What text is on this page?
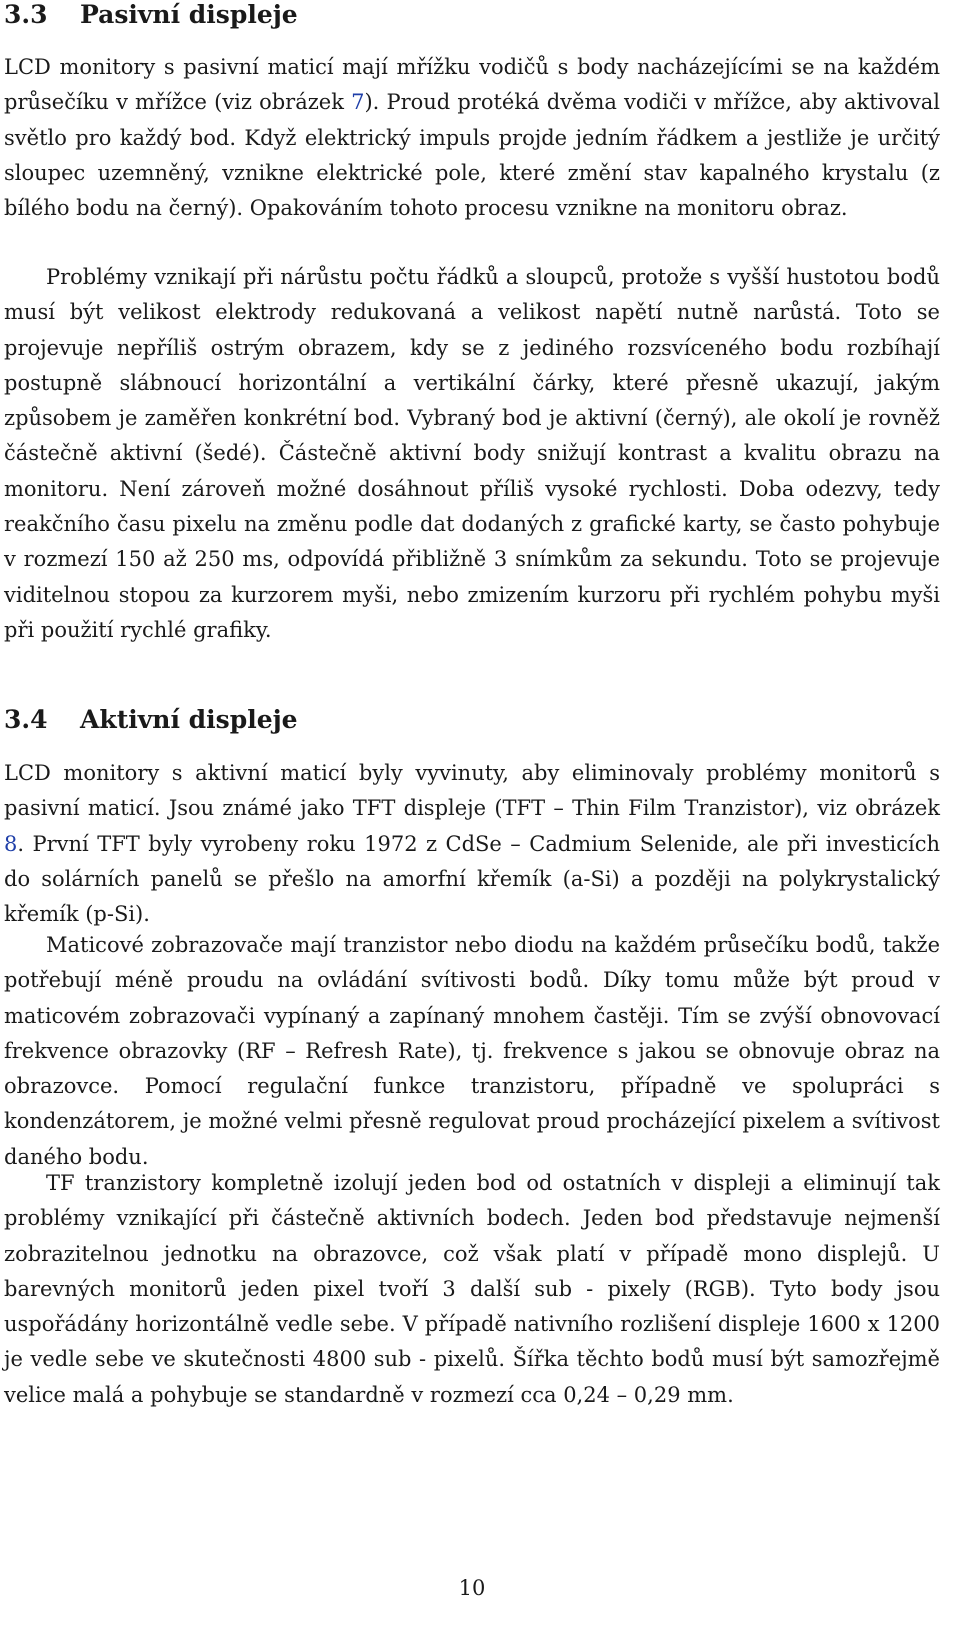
3.3 Pasivní displeje

LCD monitory s pasivní maticí mají mřížku vodičů s body nacházejícími se na každém průsečíku v mřížce (viz obrázek 7). Proud protéká dvěma vodiči v mřížce, aby aktivoval světlo pro každý bod. Když elektrický impuls projde jedním řádkem a jestliže je určitý sloupec uzemněný, vznikne elektrické pole, které změní stav kapalného krystalu (z bílého bodu na černý). Opakováním tohoto procesu vznikne na monitoru obraz.

Problémy vznikají při nárůstu počtu řádků a sloupců, protože s vyšší hustotou bodů musí být velikost elektrody redukovaná a velikost napětí nutně narůstá. Toto se projevuje nepříliš ostrým obrazem, kdy se z jediného rozsvíceného bodu rozbíhají postupně slábnoucí horizontální a vertikální čárky, které přesně ukazují, jakým způsobem je zaměřen konkrétní bod. Vybraný bod je aktivní (černý), ale okolí je rovněž částečně aktivní (šedé). Částečně aktivní body snižují kontrast a kvalitu obrazu na monitoru. Není zároveň možné dosáhnout příliš vysoké rychlosti. Doba odezvy, tedy reakčního času pixelu na změnu podle dat dodaných z grafické karty, se často pohybuje v rozmezí 150 až 250 ms, odpovídá přibližně 3 snímkům za sekundu. Toto se projevuje viditelnou stopou za kurzorem myši, nebo zmizením kurzoru při rychlém pohybu myši při použití rychlé grafiky.

3.4 Aktivní displeje

LCD monitory s aktivní maticí byly vyvinuty, aby eliminovaly problémy monitorů s pasivní maticí. Jsou známé jako TFT displeje (TFT – Thin Film Tranzistor), viz obrázek 8. První TFT byly vyrobeny roku 1972 z CdSe – Cadmium Selenide, ale při investicích do solárních panelů se přešlo na amorfní křemík (a-Si) a později na polykrystalický křemík (p-Si).

Maticové zobrazovače mají tranzistor nebo diodu na každém průsečíku bodů, takže potřebují méně proudu na ovládání svítivosti bodů. Díky tomu může být proud v maticovém zobrazovači vypínaný a zapínaný mnohem častěji. Tím se zvýší obnovovací frekvence obrazovky (RF – Refresh Rate), tj. frekvence s jakou se obnovuje obraz na obrazovce. Pomocí regulační funkce tranzistoru, případně ve spolupráci s kondenzátorem, je možné velmi přesně regulovat proud procházející pixelem a svítivost daného bodu.

TF tranzistory kompletně izolují jeden bod od ostatních v displeji a eliminují tak problémy vznikající při částečně aktivních bodech. Jeden bod představuje nejmenší zobrazitelnou jednotku na obrazovce, což však platí v případě mono displejů. U barevných monitorů jeden pixel tvoří 3 další sub - pixely (RGB). Tyto body jsou uspořádány horizontálně vedle sebe. V případě nativního rozlišení displeje 1600 x 1200 je vedle sebe ve skutečnosti 4800 sub - pixelů. Šířka těchto bodů musí být samozřejmě velice malá a pohybuje se standardně v rozmezí cca 0,24 – 0,29 mm.

10
